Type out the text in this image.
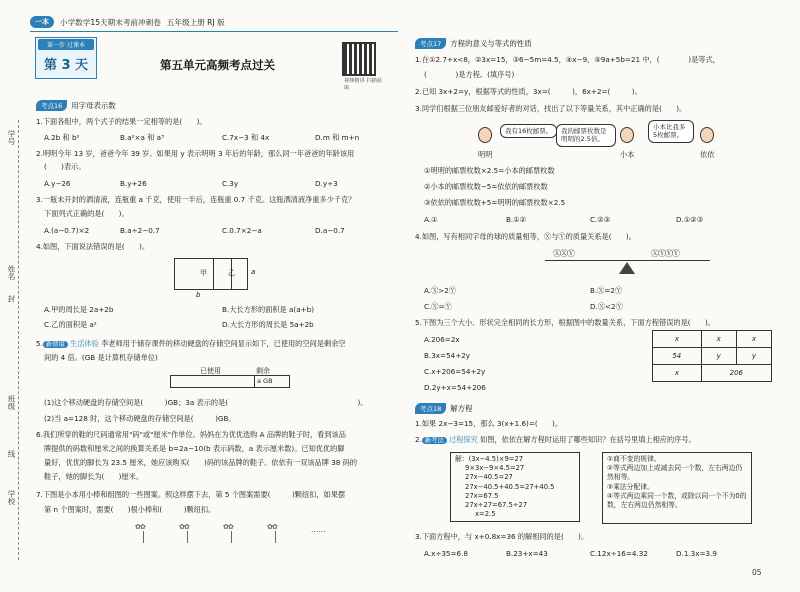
一本	小学数学15天期末考前冲刺卷 五年级上册 RJ 版
学号
姓名
封
班级
线
学校
第一步 过课本
第 3 天	第五单元高频考点过关
视频精讲 扫描获取
考点16	用字母表示数
1.下面各组中，两个式子的结果一定相等的是(　　)。
A.2b 和 b²	B.a²×a 和 a³	C.7x−3 和 4x	D.m 和 m+n
2.明明今年 13 岁，爸爸今年 39 岁。如果用 y 表示明明 3 年后的年龄，那么同一年爸爸的年龄该用
(　　)表示。
A.y−26	B.y+26	C.3y	D.y÷3
3.一瓶未开封的洒清液，连瓶重 a 千克，使用一半后，连瓶重 0.7 千克。这瓶洒清液净重多少千克？
下面列式正确的是(　　)。
A.(a−0.7)×2	B.a÷2−0.7	C.0.7×2−a	D.a−0.7
4.如图，下面说法错误的是(　　)。
甲	乙 a
b
A.甲的周长是 2a+2b	B.大长方形的面积是 a(a+b)
C.乙的面积是 a²	D.大长方形的周长是 5a+2b
5. 新情境 生活体验 李老师用于储存课件的移动硬盘的存储空间显示如下，已使用的空间是剩余空
间的 4 倍。(GB 是计算机存储单位)
已使用	剩余
a GB
(1)这个移动硬盘的存储空间是(　　　)GB；3a 表示的是(　　　　　　　　　　　　　　　　　　)。
(2)当 a=128 时，这个移动硬盘的存储空间是(　　　)GB。
6.我们所穿的鞋的尺码通常用"码"或"厘米"作单位。妈妈在为优优选购 A 品牌的鞋子时，看到该品
牌提供的码数和厘米之间的换算关系是 b=2a−10(b 表示码数，a 表示厘米数)。已知优优的脚
量好，优优的脚长为 23.5 厘米，她应该购买(　　)码的该品牌的鞋子。依依有一双该品牌 38 码的
鞋子，她的脚长为(　　)厘米。
7.下图是小本用小棒和组图的一些图案。照这样摆下去，第 5 个图案需要(　　　)颗纽扣，如果摆
第 n 个图案时，需要(　　)根小棒和(　　　)颗纽扣。
✿✿
✿✿
✿✿
✿✿
……
考点17	方程的意义与等式的性质
1.在①2.7+x<8，②3x=15，③6−5m=4.5，④x−9，⑤9a+5b=21 中，(　　　　)是等式，
(　　　　)是方程。(填序号)
2.已知 3x+2=y，根据等式的性质，3x=(　　　)，6x+2=(　　　)。
3.同学们根据三位朋友邮爱好者的对话，找出了以下等量关系，其中正确的是(　　)。
我有16枚邮票。	我的邮票枚数是明明的2.5倍。
小本比我多5枚邮票。
明明	小本	依依
①明明的邮票枚数×2.5=小本的邮票枚数
②小本的邮票枚数−5=依依的邮票枚数
③依依的邮票枚数+5=明明的邮票枚数×2.5
A.①	B.①②	C.②③	D.①②③
4.如图，写有相同字母的球的质量相等，Ⓧ与Ⓨ的质量关系是(　　)。
ⓍⓍⓎ	ⓍⓎⓎⓎ
A.Ⓧ>2Ⓨ	B.Ⓧ=2Ⓨ
C.Ⓧ=Ⓨ	D.Ⓧ<2Ⓨ
5.下图为三个大小、形状完全相同的长方形，根据图中的数量关系，下面方程错误的是(　　)。
A.206=2x
B.3x=54+2y
C.x+206=54+2y
D.2y+x=54+206
x	x	x
54	y	y
x	206	
考点18	解方程
1.如果 2x−3=15，那么 3(x+1.6)=(　　)。
2. 新考法 过程探究 如图，依依在解方程时运用了哪些知识？在括号里填上相应的序号。
解：(3x−4.5)×9=27
9×3x−9×4.5=27
27x−40.5=27
27x−40.5+40.5=27+40.5
27x=67.5
27x÷27=67.5÷27
x=2.5
①商不变的规律。
②等式两边加上或减去同一个数，左右两边仍然相等。
③乘法分配律。
④等式两边乘同一个数，或除以同一个不为0的数，左右两边仍然相等。
3.下面方程中，与 x+0.8x=36 的解相同的是(　　)。
A.x÷35=6.8	B.23+x=43	C.12x÷16=4.32	D.1.3x=3.9
05
